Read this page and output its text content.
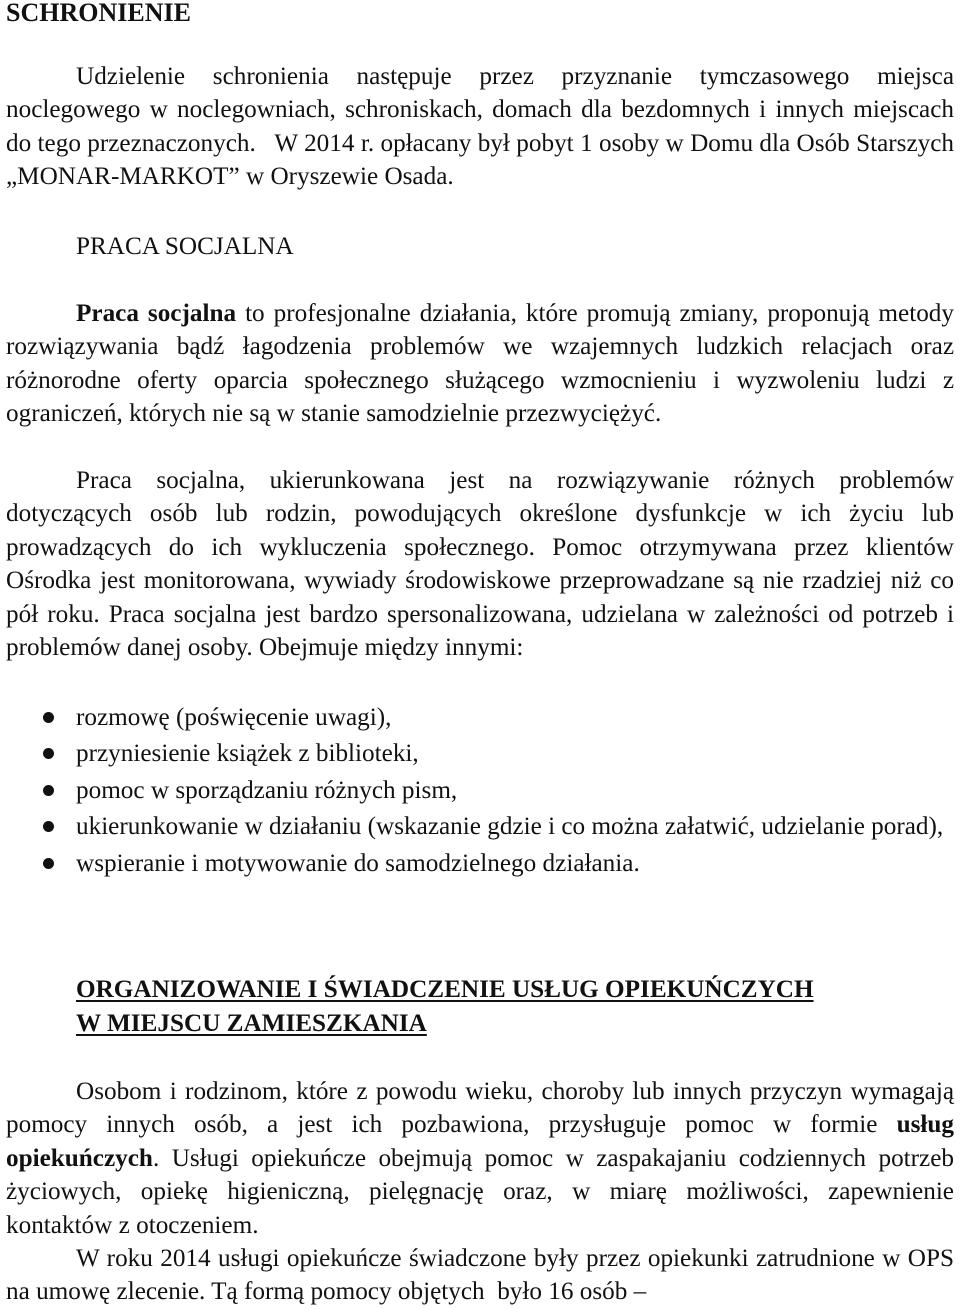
SCHRONIENIE

Udzielenie schronienia następuje przez przyznanie tymczasowego miejsca noclegowego w noclegowniach, schroniskach, domach dla bezdomnych i innych miejscach do tego przeznaczonych.   W 2014 r. opłacany był pobyt 1 osoby w Domu dla Osób Starszych „MONAR-MARKOT” w Oryszewie Osada.

PRACA SOCJALNA

Praca socjalna to profesjonalne działania, które promują zmiany, proponują metody rozwiązywania bądź łagodzenia problemów we wzajemnych ludzkich relacjach oraz różnorodne oferty oparcia społecznego służącego wzmocnieniu i wyzwoleniu ludzi z ograniczeń, których nie są w stanie samodzielnie przezwyciężyć.

Praca socjalna, ukierunkowana jest na rozwiązywanie różnych problemów dotyczących osób lub rodzin, powodujących określone dysfunkcje w ich życiu lub prowadzących do ich wykluczenia społecznego. Pomoc otrzymywana przez klientów Ośrodka jest monitorowana, wywiady środowiskowe przeprowadzane są nie rzadziej niż co pół roku. Praca socjalna jest bardzo spersonalizowana, udzielana w zależności od potrzeb i problemów danej osoby. Obejmuje między innymi:

rozmowę (poświęcenie uwagi),
przyniesienie książek z biblioteki,
pomoc w sporządzaniu różnych pism,
ukierunkowanie w działaniu (wskazanie gdzie i co można załatwić, udzielanie porad),
wspieranie i motywowanie do samodzielnego działania.
ORGANIZOWANIE I ŚWIADCZENIE USŁUG OPIEKUŃCZYCH
W MIEJSCU ZAMIESZKANIA

Osobom i rodzinom, które z powodu wieku, choroby lub innych przyczyn wymagają pomocy innych osób, a jest ich pozbawiona, przysługuje pomoc w formie usług opiekuńczych. Usługi opiekuńcze obejmują pomoc w zaspakajaniu codziennych potrzeb życiowych, opiekę higieniczną, pielęgnację oraz, w miarę możliwości, zapewnienie kontaktów z otoczeniem.

W roku 2014 usługi opiekuńcze świadczone były przez opiekunki zatrudnione w OPS na umowę zlecenie. Tą formą pomocy objętych  było 16 osób –
